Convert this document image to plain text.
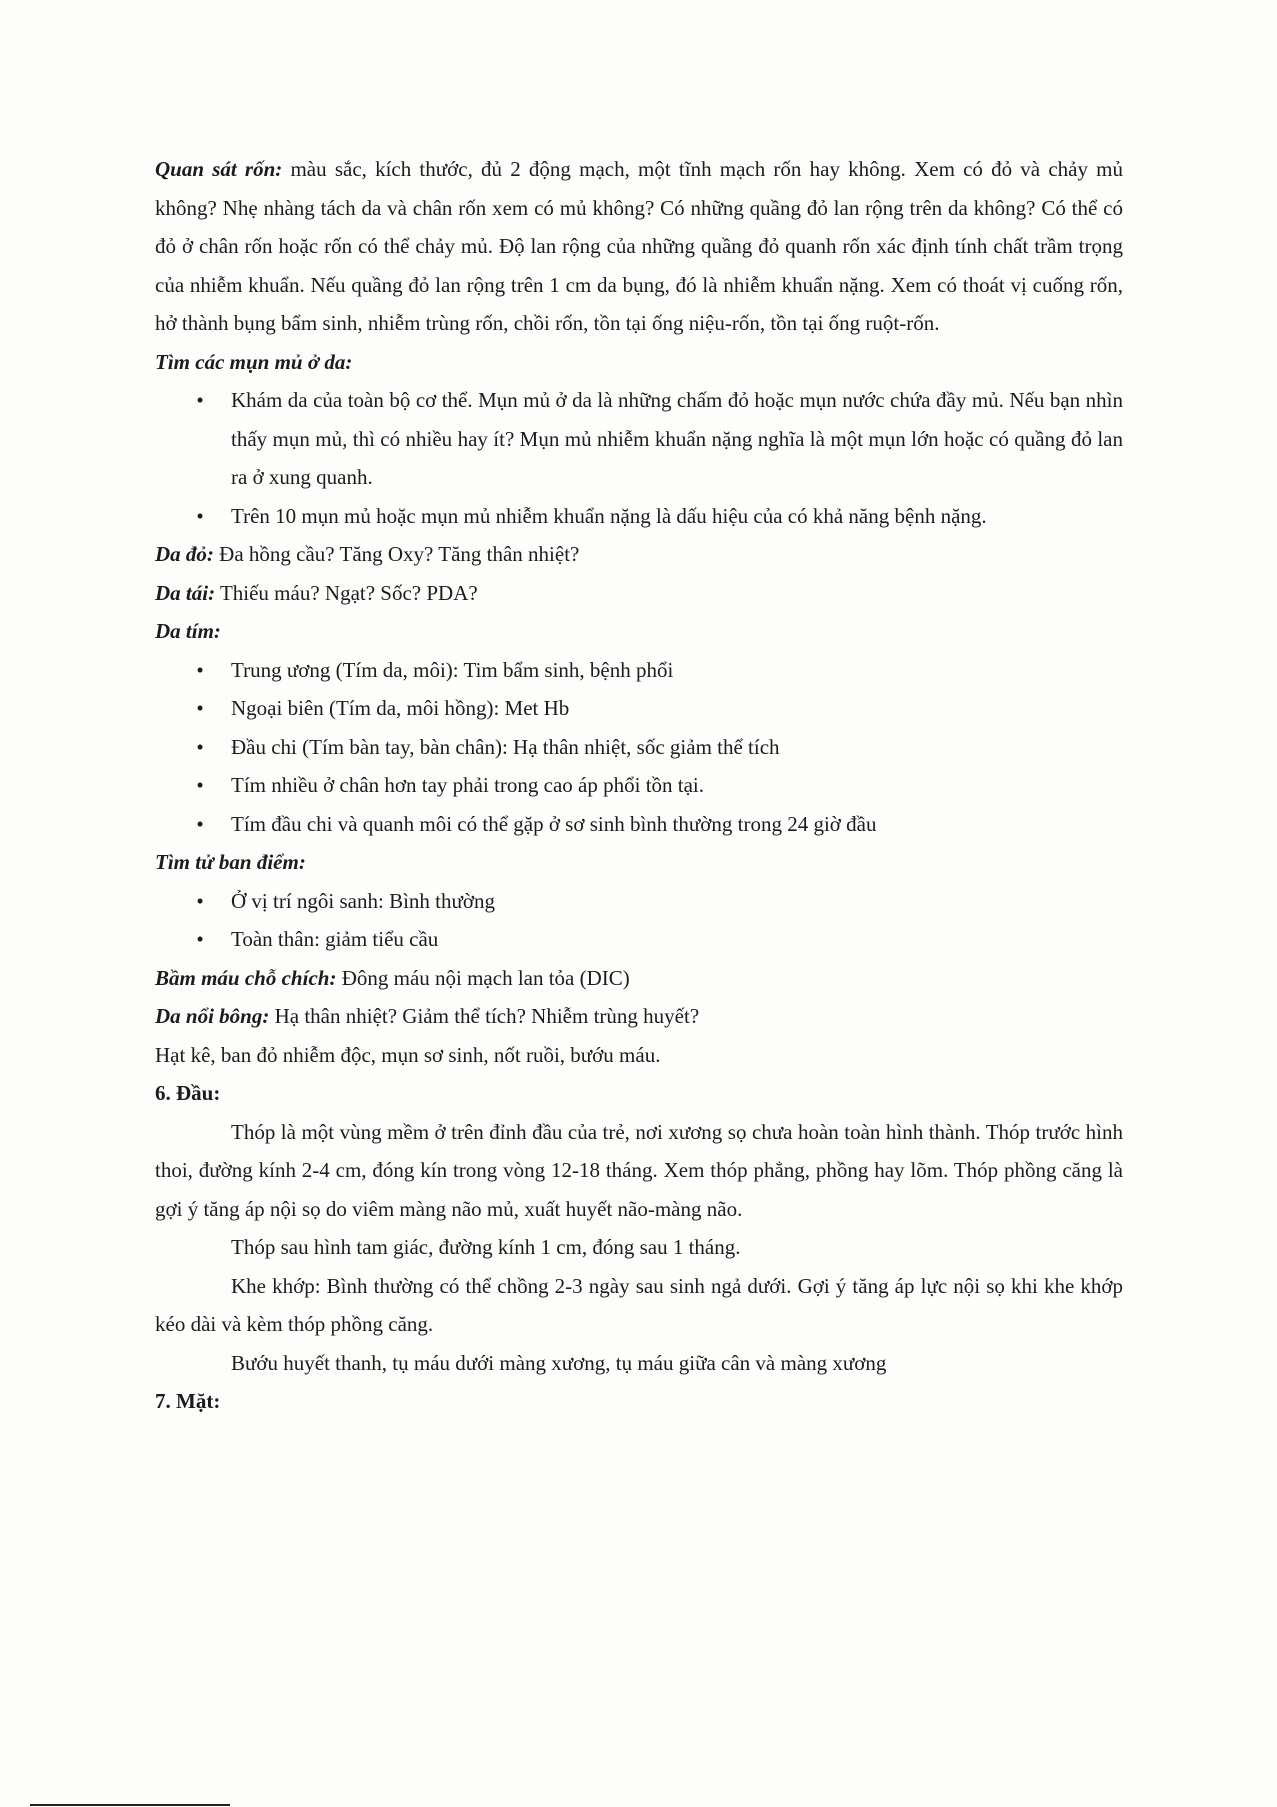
Quan sát rốn: màu sắc, kích thước, đủ 2 động mạch, một tĩnh mạch rốn hay không. Xem có đỏ và chảy mủ không? Nhẹ nhàng tách da và chân rốn xem có mủ không? Có những quầng đỏ lan rộng trên da không? Có thể có đỏ ở chân rốn hoặc rốn có thể chảy mủ. Độ lan rộng của những quầng đỏ quanh rốn xác định tính chất trầm trọng của nhiễm khuẩn. Nếu quầng đỏ lan rộng trên 1 cm da bụng, đó là nhiễm khuẩn nặng. Xem có thoát vị cuống rốn, hở thành bụng bẩm sinh, nhiễm trùng rốn, chồi rốn, tồn tại ống niệu-rốn, tồn tại ống ruột-rốn.

Tìm các mụn mủ ở da:
• Khám da của toàn bộ cơ thể. Mụn mủ ở da là những chấm đỏ hoặc mụn nước chứa đầy mủ. Nếu bạn nhìn thấy mụn mủ, thì có nhiều hay ít? Mụn mủ nhiễm khuẩn nặng nghĩa là một mụn lớn hoặc có quầng đỏ lan ra ở xung quanh.
• Trên 10 mụn mủ hoặc mụn mủ nhiễm khuẩn nặng là dấu hiệu của có khả năng bệnh nặng.

Da đỏ: Đa hồng cầu? Tăng Oxy? Tăng thân nhiệt?

Da tái: Thiếu máu? Ngạt? Sốc? PDA?

Da tím:
• Trung ương (Tím da, môi): Tim bẩm sinh, bệnh phổi
• Ngoại biên (Tím da, môi hồng): Met Hb
• Đầu chi (Tím bàn tay, bàn chân): Hạ thân nhiệt, sốc giảm thể tích
• Tím nhiều ở chân hơn tay phải trong cao áp phổi tồn tại.
• Tím đầu chi và quanh môi có thể gặp ở sơ sinh bình thường trong 24 giờ đầu
Tìm tử ban điểm:
• Ở vị trí ngôi sanh: Bình thường
• Toàn thân: giảm tiểu cầu

Bầm máu chỗ chích: Đông máu nội mạch lan tỏa (DIC)

Da nổi bông: Hạ thân nhiệt? Giảm thể tích? Nhiễm trùng huyết?

Hạt kê, ban đỏ nhiễm độc, mụn sơ sinh, nốt ruồi, bướu máu.

6. Đầu:

Thóp là một vùng mềm ở trên đỉnh đầu của trẻ, nơi xương sọ chưa hoàn toàn hình thành. Thóp trước hình thoi, đường kính 2-4 cm, đóng kín trong vòng 12-18 tháng. Xem thóp phẳng, phồng hay lõm. Thóp phồng căng là gợi ý tăng áp nội sọ do viêm màng não mủ, xuất huyết não-màng não.

Thóp sau hình tam giác, đường kính 1 cm, đóng sau 1 tháng.

Khe khớp: Bình thường có thể chồng 2-3 ngày sau sinh ngả dưới. Gợi ý tăng áp lực nội sọ khi khe khớp kéo dài và kèm thóp phồng căng.

Bướu huyết thanh, tụ máu dưới màng xương, tụ máu giữa cân và màng xương

7. Mặt:
